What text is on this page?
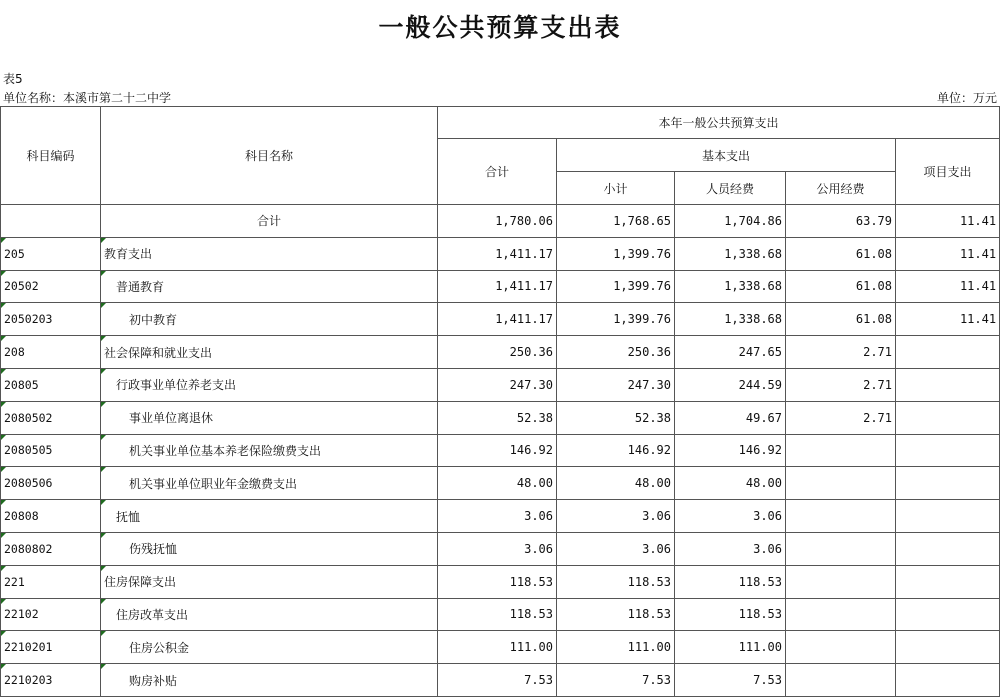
一般公共预算支出表
表5
单位名称：本溪市第二十二中学	单位：万元
科目编码	科目名称	本年一般公共预算支出				
		合计	基本支出			项目支出
			小计	人员经费	公用经费	
	合计	1,780.06	1,768.65	1,704.86	63.79	11.41

205	教育支出	1,411.17	1,399.76	1,338.68	61.08	11.41

20502	普通教育	1,411.17	1,399.76	1,338.68	61.08	11.41

2050203	初中教育	1,411.17	1,399.76	1,338.68	61.08	11.41

208	社会保障和就业支出	250.36	250.36	247.65	2.71	

20805	行政事业单位养老支出	247.30	247.30	244.59	2.71	

2080502	事业单位离退休	52.38	52.38	49.67	2.71	

2080505	机关事业单位基本养老保险缴费支出	146.92	146.92	146.92		

2080506	机关事业单位职业年金缴费支出	48.00	48.00	48.00		

20808	抚恤	3.06	3.06	3.06		

2080802	伤残抚恤	3.06	3.06	3.06		

221	住房保障支出	118.53	118.53	118.53		

22102	住房改革支出	118.53	118.53	118.53		

2210201	住房公积金	111.00	111.00	111.00		

2210203	购房补贴	7.53	7.53	7.53		
